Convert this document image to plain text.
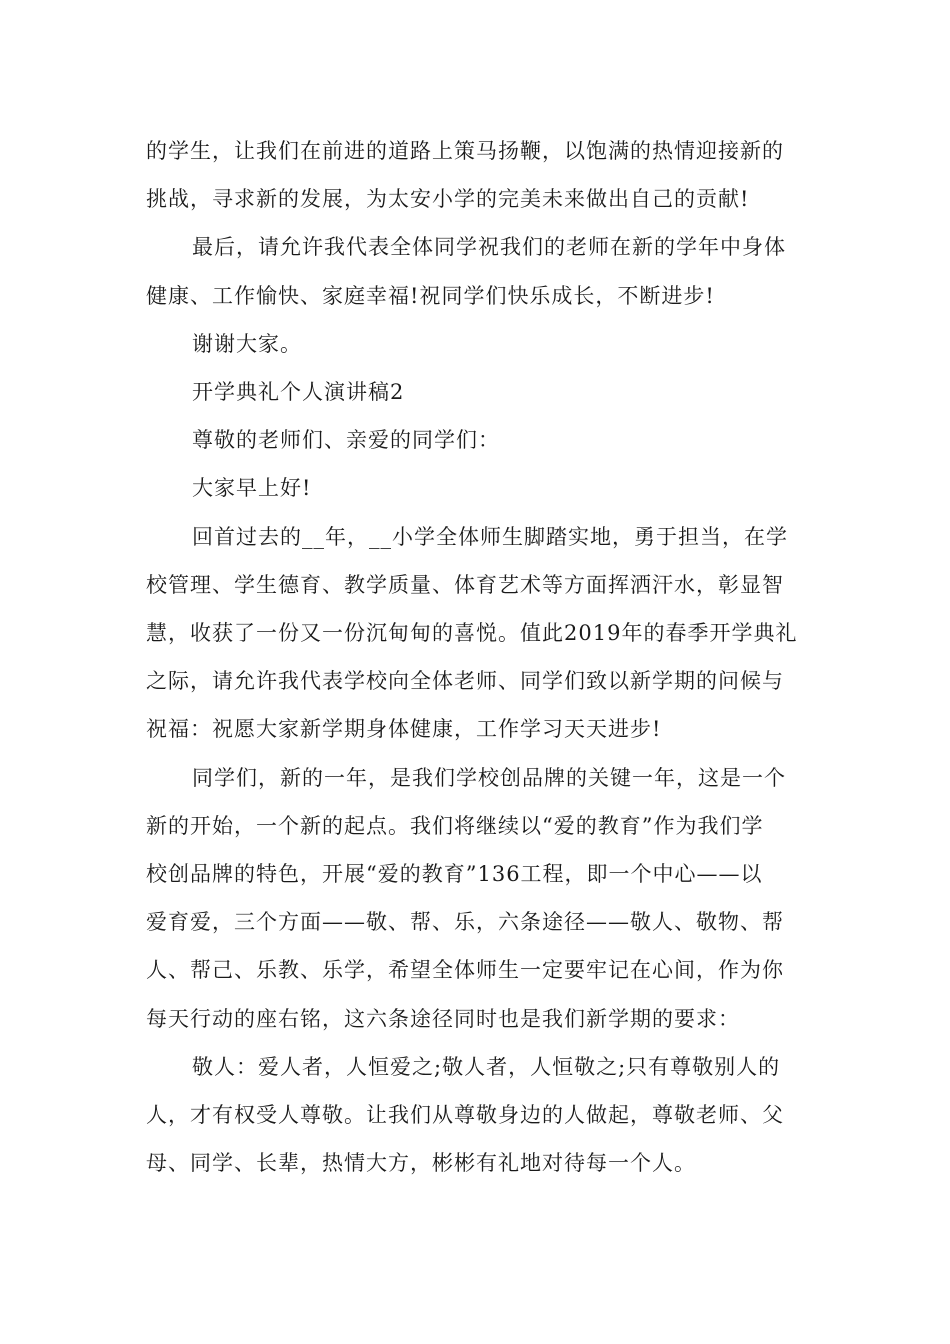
的学生，让我们在前进的道路上策马扬鞭，以饱满的热情迎接新的
挑战，寻求新的发展，为太安小学的完美未来做出自己的贡献!
最后，请允许我代表全体同学祝我们的老师在新的学年中身体
健康、工作愉快、家庭幸福!祝同学们快乐成长，不断进步!
谢谢大家。
开学典礼个人演讲稿2
尊敬的老师们、亲爱的同学们：
大家早上好!
回首过去的__年，__小学全体师生脚踏实地，勇于担当，在学
校管理、学生德育、教学质量、体育艺术等方面挥洒汗水，彰显智
慧，收获了一份又一份沉甸甸的喜悦。值此2019年的春季开学典礼
之际，请允许我代表学校向全体老师、同学们致以新学期的问候与
祝福：祝愿大家新学期身体健康，工作学习天天进步!
同学们，新的一年，是我们学校创品牌的关键一年，这是一个
新的开始，一个新的起点。我们将继续以“爱的教育”作为我们学
校创品牌的特色，开展“爱的教育”136工程，即一个中心——以
爱育爱，三个方面——敬、帮、乐，六条途径——敬人、敬物、帮
人、帮己、乐教、乐学，希望全体师生一定要牢记在心间，作为你
每天行动的座右铭，这六条途径同时也是我们新学期的要求：
敬人：爱人者，人恒爱之;敬人者，人恒敬之;只有尊敬别人的
人，才有权受人尊敬。让我们从尊敬身边的人做起，尊敬老师、父
母、同学、长辈，热情大方，彬彬有礼地对待每一个人。
